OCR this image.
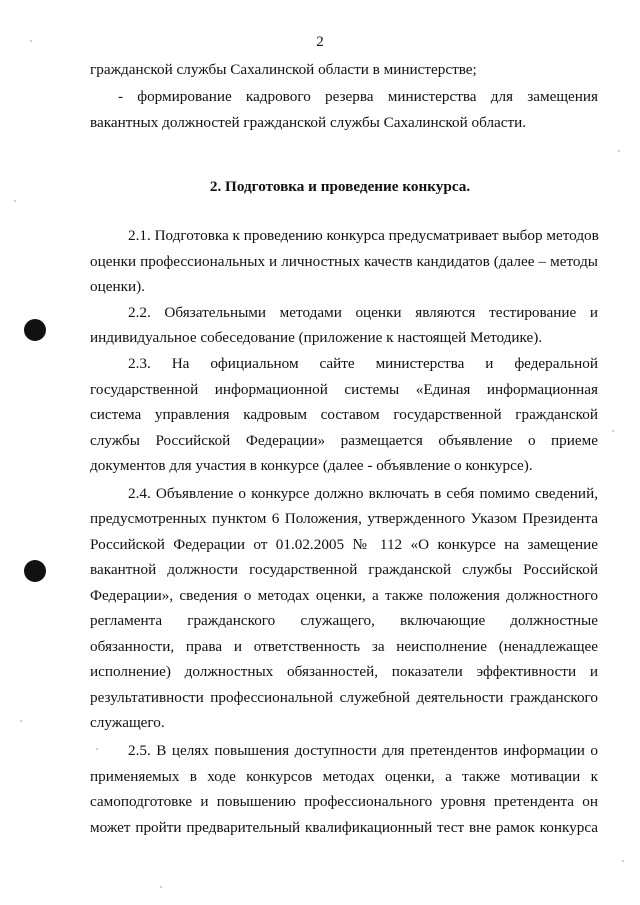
2
гражданской службы Сахалинской области в министерстве;
- формирование кадрового резерва министерства для замещения
вакантных должностей гражданской службы Сахалинской области.
2. Подготовка и проведение конкурса.
2.1. Подготовка к проведению конкурса предусматривает выбор методов
оценки профессиональных и личностных качеств кандидатов (далее – методы
оценки).
2.2. Обязательными методами оценки являются тестирование и
индивидуальное собеседование (приложение к настоящей Методике).
2.3. На официальном сайте министерства и федеральной
государственной информационной системы «Единая информационная
система управления кадровым составом государственной гражданской
службы Российской Федерации» размещается объявление о приеме
документов для участия в конкурсе (далее - объявление о конкурсе).
2.4. Объявление о конкурсе должно включать в себя помимо сведений,
предусмотренных пунктом 6 Положения, утвержденного Указом Президента
Российской Федерации от 01.02.2005 № 112 «О конкурсе на замещение
вакантной должности государственной гражданской службы Российской
Федерации», сведения о методах оценки, а также положения должностного
регламента гражданского служащего, включающие должностные
обязанности, права и ответственность за неисполнение (ненадлежащее
исполнение) должностных обязанностей, показатели эффективности и
результативности профессиональной служебной деятельности гражданского
служащего.
2.5. В целях повышения доступности для претендентов информации о
применяемых в ходе конкурсов методах оценки, а также мотивации к
самоподготовке и повышению профессионального уровня претендента он
может пройти предварительный квалификационный тест вне рамок конкурса
